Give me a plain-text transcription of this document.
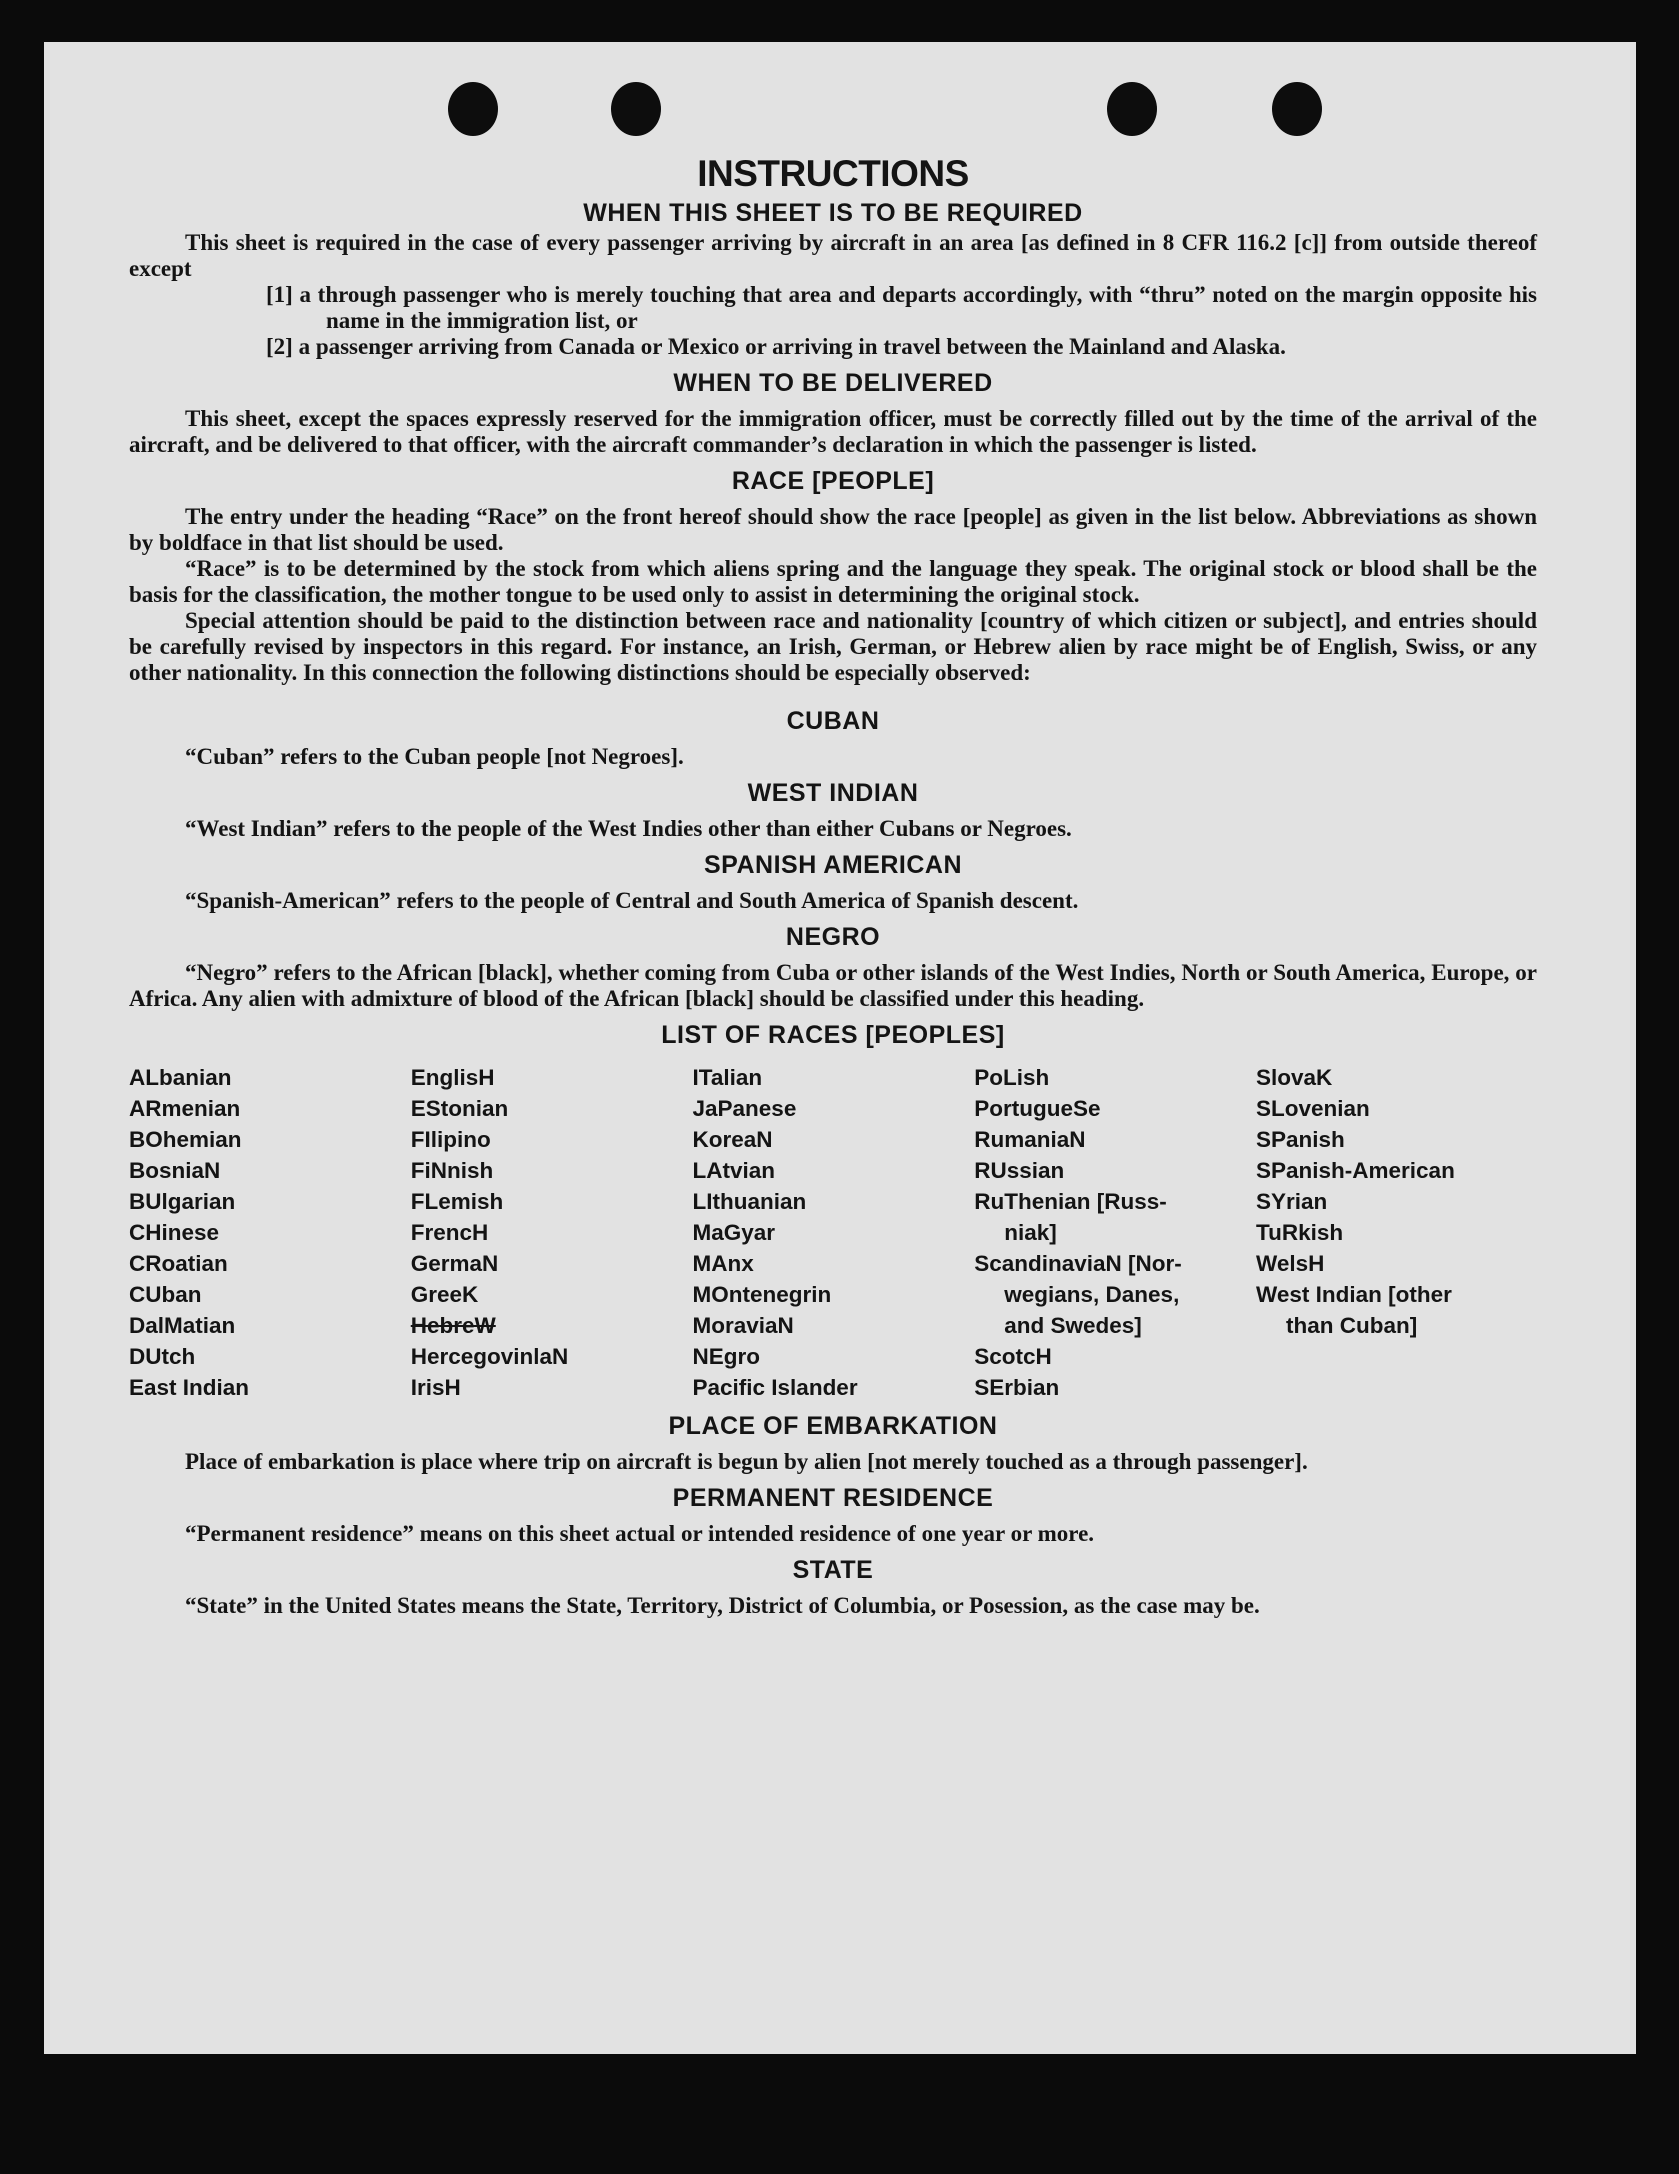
INSTRUCTIONS
WHEN THIS SHEET IS TO BE REQUIRED

This sheet is required in the case of every passenger arriving by aircraft in an area [as defined in 8 CFR 116.2 [c]] from outside thereof except

[1] a through passenger who is merely touching that area and departs accordingly, with “thru” noted on the margin opposite his name in the immigration list, or

[2] a passenger arriving from Canada or Mexico or arriving in travel between the Mainland and Alaska.

WHEN TO BE DELIVERED

This sheet, except the spaces expressly reserved for the immigration officer, must be correctly filled out by the time of the arrival of the aircraft, and be delivered to that officer, with the aircraft commander’s declaration in which the passenger is listed.

RACE [PEOPLE]

The entry under the heading “Race” on the front hereof should show the race [people] as given in the list below. Abbreviations as shown by boldface in that list should be used.

“Race” is to be determined by the stock from which aliens spring and the language they speak. The original stock or blood shall be the basis for the classification, the mother tongue to be used only to assist in determining the original stock.

Special attention should be paid to the distinction between race and nationality [country of which citizen or subject], and entries should be carefully revised by inspectors in this regard. For instance, an Irish, German, or Hebrew alien by race might be of English, Swiss, or any other nationality. In this connection the following distinctions should be especially observed:

CUBAN

“Cuban” refers to the Cuban people [not Negroes].

WEST INDIAN

“West Indian” refers to the people of the West Indies other than either Cubans or Negroes.

SPANISH AMERICAN

“Spanish-American” refers to the people of Central and South America of Spanish descent.

NEGRO

“Negro” refers to the African [black], whether coming from Cuba or other islands of the West Indies, North or South America, Europe, or Africa. Any alien with admixture of blood of the African [black] should be classified under this heading.

LIST OF RACES [PEOPLES]
ALbanian
ARmenian
BOhemian
BosniaN
BUlgarian
CHinese
CRoatian
CUban
DalMatian
DUtch
East Indian
EnglisH
EStonian
FIlipino
FiNnish
FLemish
FrencH
GermaN
GreeK
HebreW
HercegovinlaN
IrisH
ITalian
JaPanese
KoreaN
LAtvian
LIthuanian
MaGyar
MAnx
MOntenegrin
MoraviaN
NEgro
Pacific Islander
PoLish
PortugueSe
RumaniaN
RUssian
RuThenian [Russ-
niak]
ScandinaviaN [Nor-
wegians, Danes,
and Swedes]
ScotcH
SErbian
SlovaK
SLovenian
SPanish
SPanish-American
SYrian
TuRkish
WelsH
West Indian [other
than Cuban]
PLACE OF EMBARKATION

Place of embarkation is place where trip on aircraft is begun by alien [not merely touched as a through passenger].

PERMANENT RESIDENCE

“Permanent residence” means on this sheet actual or intended residence of one year or more.

STATE

“State” in the United States means the State, Territory, District of Columbia, or Posession, as the case may be.
